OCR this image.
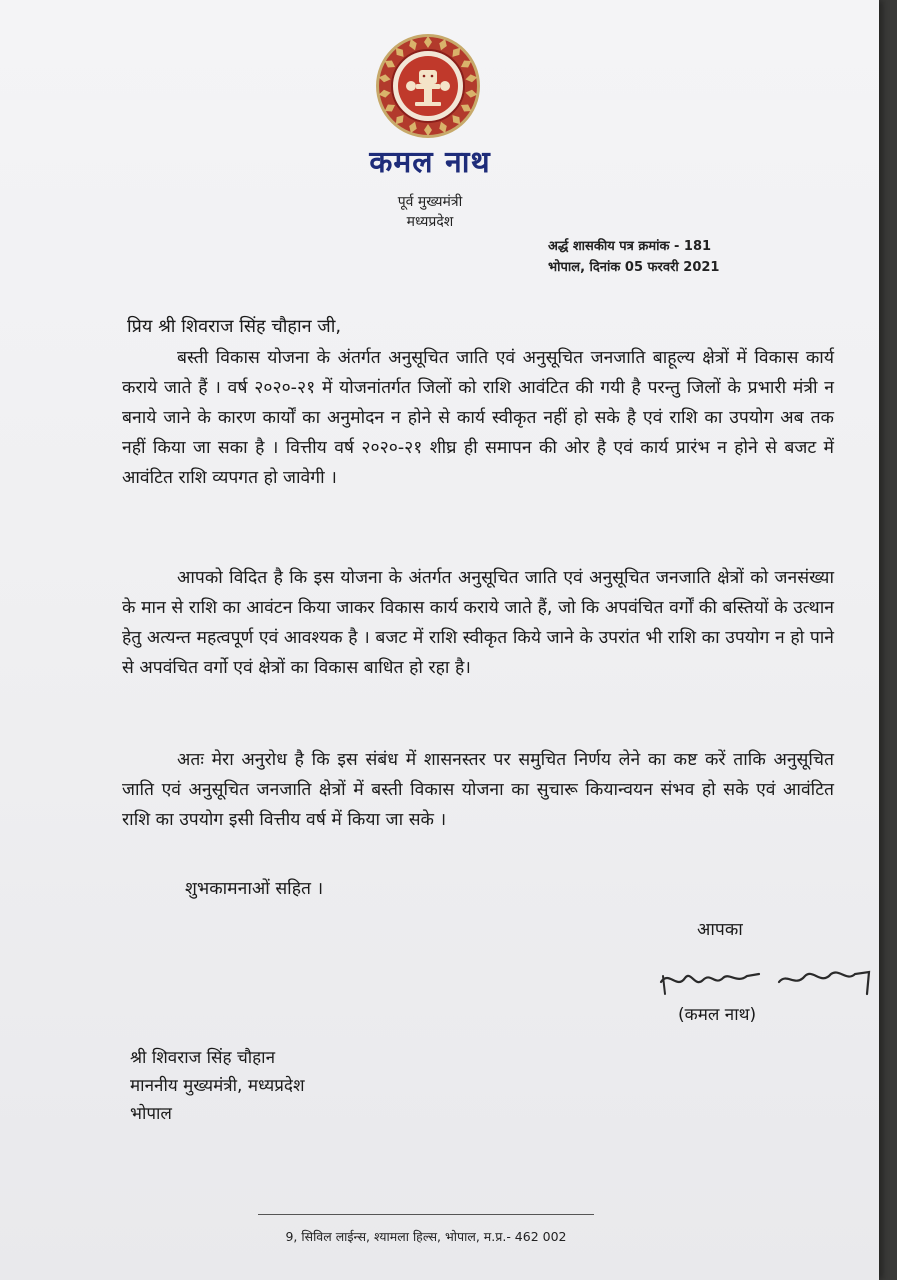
कमल नाथ
पूर्व मुख्यमंत्री
मध्यप्रदेश
अर्द्ध शासकीय पत्र क्रमांक - 181
भोपाल, दिनांक 05 फरवरी 2021
प्रिय श्री शिवराज सिंह चौहान जी,

बस्ती विकास योजना के अंतर्गत अनुसूचित जाति एवं अनुसूचित जनजाति बाहूल्य क्षेत्रों में विकास कार्य कराये जाते हैं । वर्ष २०२०-२१ में योजनांतर्गत जिलों को राशि आवंटित की गयी है परन्तु जिलों के प्रभारी मंत्री न बनाये जाने के कारण कार्यों का अनुमोदन न होने से कार्य स्वीकृत नहीं हो सके है एवं राशि का उपयोग अब तक नहीं किया जा सका है । वित्तीय वर्ष २०२०-२१ शीघ्र ही समापन की ओर है एवं कार्य प्रारंभ न होने से बजट में आवंटित राशि व्यपगत हो जावेगी ।

आपको विदित है कि इस योजना के अंतर्गत अनुसूचित जाति एवं अनुसूचित जनजाति क्षेत्रों को जनसंख्या के मान से राशि का आवंटन किया जाकर विकास कार्य कराये जाते हैं, जो कि अपवंचित वर्गों की बस्तियों के उत्थान हेतु अत्यन्त महत्वपूर्ण एवं आवश्यक है । बजट में राशि स्वीकृत किये जाने के उपरांत भी राशि का उपयोग न हो पाने से अपवंचित वर्गो एवं क्षेत्रों का विकास बाधित हो रहा है।

अतः मेरा अनुरोध है कि इस संबंध में शासनस्तर पर समुचित निर्णय लेने का कष्ट करें ताकि अनुसूचित जाति एवं अनुसूचित जनजाति क्षेत्रों में बस्ती विकास योजना का सुचारू कियान्वयन संभव हो सके एवं आवंटित राशि का उपयोग इसी वित्तीय वर्ष में किया जा सके ।

शुभकामनाओं सहित ।
आपका
(कमल नाथ)
श्री शिवराज सिंह चौहान
माननीय मुख्यमंत्री, मध्यप्रदेश
भोपाल
9, सिविल लाईन्स, श्यामला हिल्स, भोपाल, म.प्र.- 462 002
